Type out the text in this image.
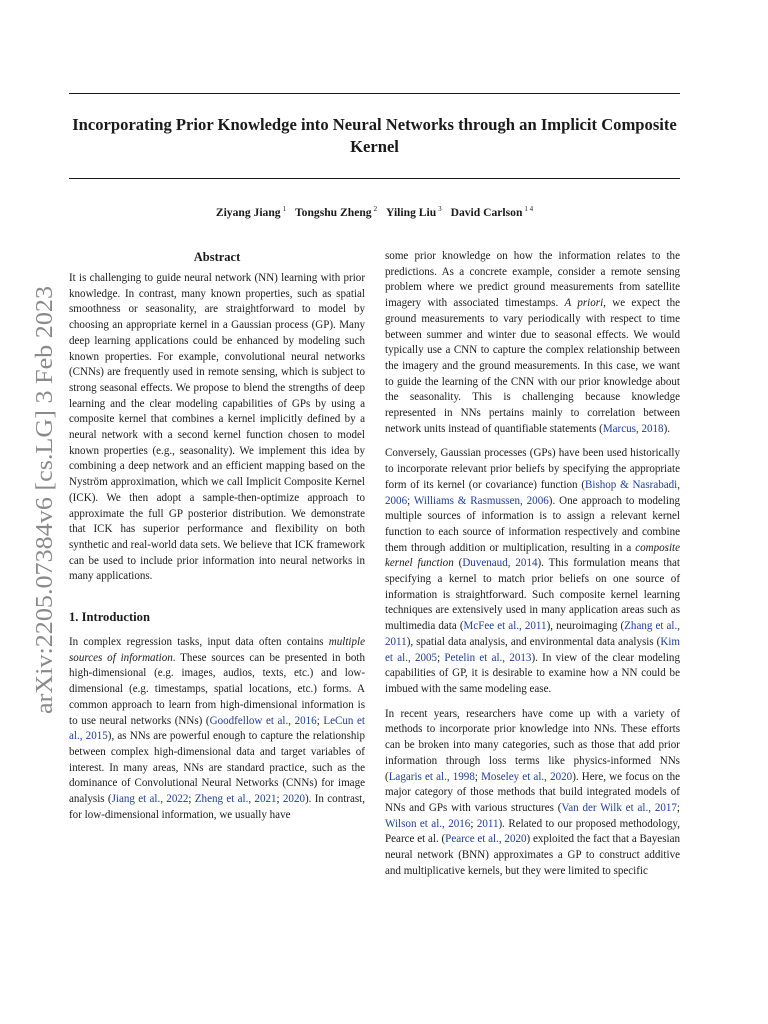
Incorporating Prior Knowledge into Neural Networks through an Implicit Composite Kernel
Ziyang Jiang $^1$ Tongshu Zheng $^2$ Yiling Liu $^3$ David Carlson $^{1 4}$
arXiv:2205.07384v6 [cs.LG] 3 Feb 2023
Abstract

It is challenging to guide neural network (NN) learning with prior knowledge. In contrast, many known properties, such as spatial smoothness or seasonality, are straightforward to model by choosing an appropriate kernel in a Gaussian process (GP). Many deep learning applications could be enhanced by modeling such known properties. For example, convolutional neural networks (CNNs) are frequently used in remote sensing, which is subject to strong seasonal effects. We propose to blend the strengths of deep learning and the clear modeling capabilities of GPs by using a composite kernel that combines a kernel implicitly defined by a neural network with a second kernel function chosen to model known properties (e.g., seasonality). We implement this idea by combining a deep network and an efficient mapping based on the Nyström approximation, which we call Implicit Composite Kernel (ICK). We then adopt a sample-then-optimize approach to approximate the full GP posterior distribution. We demonstrate that ICK has superior performance and flexibility on both synthetic and real-world data sets. We believe that ICK framework can be used to include prior information into neural networks in many applications.

1. Introduction

In complex regression tasks, input data often contains multiple sources of information. These sources can be presented in both high-dimensional (e.g. images, audios, texts, etc.) and low-dimensional (e.g. timestamps, spatial locations, etc.) forms. A common approach to learn from high-dimensional information is to use neural networks (NNs) (Goodfellow et al., 2016; LeCun et al., 2015), as NNs are powerful enough to capture the relationship between complex high-dimensional data and target variables of interest. In many areas, NNs are standard practice, such as the dominance of Convolutional Neural Networks (CNNs) for image analysis (Jiang et al., 2022; Zheng et al., 2021; 2020). In contrast, for low-dimensional information, we usually have

some prior knowledge on how the information relates to the predictions. As a concrete example, consider a remote sensing problem where we predict ground measurements from satellite imagery with associated timestamps. A priori, we expect the ground measurements to vary periodically with respect to time between summer and winter due to seasonal effects. We would typically use a CNN to capture the complex relationship between the imagery and the ground measurements. In this case, we want to guide the learning of the CNN with our prior knowledge about the seasonality. This is challenging because knowledge represented in NNs pertains mainly to correlation between network units instead of quantifiable statements (Marcus, 2018).

Conversely, Gaussian processes (GPs) have been used historically to incorporate relevant prior beliefs by specifying the appropriate form of its kernel (or covariance) function (Bishop & Nasrabadi, 2006; Williams & Rasmussen, 2006). One approach to modeling multiple sources of information is to assign a relevant kernel function to each source of information respectively and combine them through addition or multiplication, resulting in a composite kernel function (Duvenaud, 2014). This formulation means that specifying a kernel to match prior beliefs on one source of information is straightforward. Such composite kernel learning techniques are extensively used in many application areas such as multimedia data (McFee et al., 2011), neuroimaging (Zhang et al., 2011), spatial data analysis, and environmental data analysis (Kim et al., 2005; Petelin et al., 2013). In view of the clear modeling capabilities of GP, it is desirable to examine how a NN could be imbued with the same modeling ease.

In recent years, researchers have come up with a variety of methods to incorporate prior knowledge into NNs. These efforts can be broken into many categories, such as those that add prior information through loss terms like physics-informed NNs (Lagaris et al., 1998; Moseley et al., 2020). Here, we focus on the major category of those methods that build integrated models of NNs and GPs with various structures (Van der Wilk et al., 2017; Wilson et al., 2016; 2011). Related to our proposed methodology, Pearce et al. (Pearce et al., 2020) exploited the fact that a Bayesian neural network (BNN) approximates a GP to construct additive and multiplicative kernels, but they were limited to specific
